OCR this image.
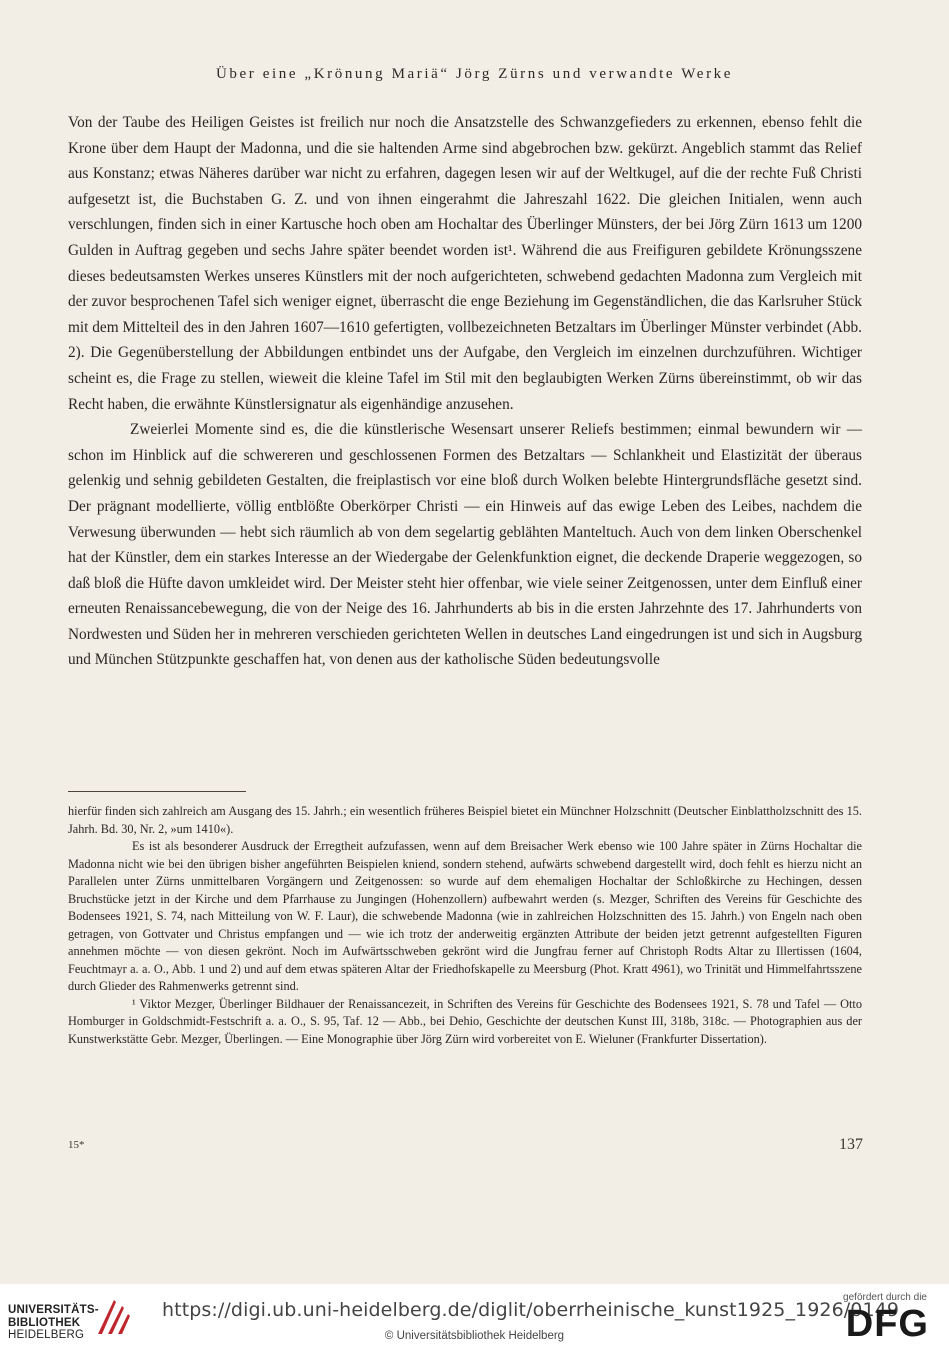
Über eine „Krönung Mariä“ Jörg Zürns und verwandte Werke

Von der Taube des Heiligen Geistes ist freilich nur noch die Ansatzstelle des Schwanzgefieders zu erkennen, ebenso fehlt die Krone über dem Haupt der Madonna, und die sie haltenden Arme sind abgebrochen bzw. gekürzt. Angeblich stammt das Relief aus Konstanz; etwas Näheres darüber war nicht zu erfahren, dagegen lesen wir auf der Weltkugel, auf die der rechte Fuß Christi aufgesetzt ist, die Buchstaben G. Z. und von ihnen eingerahmt die Jahreszahl 1622. Die gleichen Initialen, wenn auch verschlungen, finden sich in einer Kartusche hoch oben am Hochaltar des Überlinger Münsters, der bei Jörg Zürn 1613 um 1200 Gulden in Auftrag gegeben und sechs Jahre später beendet worden ist¹. Während die aus Freifiguren gebildete Krönungsszene dieses bedeutsamsten Werkes unseres Künstlers mit der noch aufgerichteten, schwebend gedachten Madonna zum Vergleich mit der zuvor besprochenen Tafel sich weniger eignet, überrascht die enge Beziehung im Gegenständlichen, die das Karlsruher Stück mit dem Mittelteil des in den Jahren 1607—1610 gefertigten, vollbezeichneten Betzaltars im Überlinger Münster verbindet (Abb. 2). Die Gegenüberstellung der Abbildungen entbindet uns der Aufgabe, den Vergleich im einzelnen durchzuführen. Wichtiger scheint es, die Frage zu stellen, wieweit die kleine Tafel im Stil mit den beglaubigten Werken Zürns übereinstimmt, ob wir das Recht haben, die erwähnte Künstlersignatur als eigenhändige anzusehen.

Zweierlei Momente sind es, die die künstlerische Wesensart unserer Reliefs bestimmen; einmal bewundern wir — schon im Hinblick auf die schwereren und geschlossenen Formen des Betzaltars — Schlankheit und Elastizität der überaus gelenkig und sehnig gebildeten Gestalten, die freiplastisch vor eine bloß durch Wolken belebte Hintergrundsfläche gesetzt sind. Der prägnant modellierte, völlig entblößte Oberkörper Christi — ein Hinweis auf das ewige Leben des Leibes, nachdem die Verwesung überwunden — hebt sich räumlich ab von dem segelartig geblähten Manteltuch. Auch von dem linken Oberschenkel hat der Künstler, dem ein starkes Interesse an der Wiedergabe der Gelenkfunktion eignet, die deckende Draperie weggezogen, so daß bloß die Hüfte davon umkleidet wird. Der Meister steht hier offenbar, wie viele seiner Zeitgenossen, unter dem Einfluß einer erneuten Renaissancebewegung, die von der Neige des 16. Jahrhunderts ab bis in die ersten Jahrzehnte des 17. Jahrhunderts von Nordwesten und Süden her in mehreren verschieden gerichteten Wellen in deutsches Land eingedrungen ist und sich in Augsburg und München Stützpunkte geschaffen hat, von denen aus der katholische Süden bedeutungsvolle

hierfür finden sich zahlreich am Ausgang des 15. Jahrh.; ein wesentlich früheres Beispiel bietet ein Münchner Holzschnitt (Deutscher Einblattholzschnitt des 15. Jahrh. Bd. 30, Nr. 2, »um 1410«).

Es ist als besonderer Ausdruck der Erregtheit aufzufassen, wenn auf dem Breisacher Werk ebenso wie 100 Jahre später in Zürns Hochaltar die Madonna nicht wie bei den übrigen bisher angeführten Beispielen kniend, sondern stehend, aufwärts schwebend dargestellt wird, doch fehlt es hierzu nicht an Parallelen unter Zürns unmittelbaren Vorgängern und Zeitgenossen: so wurde auf dem ehemaligen Hochaltar der Schloßkirche zu Hechingen, dessen Bruchstücke jetzt in der Kirche und dem Pfarrhause zu Jungingen (Hohenzollern) aufbewahrt werden (s. Mezger, Schriften des Vereins für Geschichte des Bodensees 1921, S. 74, nach Mitteilung von W. F. Laur), die schwebende Madonna (wie in zahlreichen Holzschnitten des 15. Jahrh.) von Engeln nach oben getragen, von Gottvater und Christus empfangen und — wie ich trotz der anderweitig ergänzten Attribute der beiden jetzt getrennt aufgestellten Figuren annehmen möchte — von diesen gekrönt. Noch im Aufwärtsschweben gekrönt wird die Jungfrau ferner auf Christoph Rodts Altar zu Illertissen (1604, Feuchtmayr a. a. O., Abb. 1 und 2) und auf dem etwas späteren Altar der Friedhofskapelle zu Meersburg (Phot. Kratt 4961), wo Trinität und Himmelfahrtsszene durch Glieder des Rahmenwerks getrennt sind.

¹ Viktor Mezger, Überlinger Bildhauer der Renaissancezeit, in Schriften des Vereins für Geschichte des Bodensees 1921, S. 78 und Tafel — Otto Homburger in Goldschmidt-Festschrift a. a. O., S. 95, Taf. 12 — Abb., bei Dehio, Geschichte der deutschen Kunst III, 318b, 318c. — Photographien aus der Kunstwerkstätte Gebr. Mezger, Überlingen. — Eine Monographie über Jörg Zürn wird vorbereitet von E. Wieluner (Frankfurter Dissertation).

15*	137
UNIVERSITÄTS-
BIBLIOTHEK
HEIDELBERG
https://digi.ub.uni-heidelberg.de/diglit/oberrheinische_kunst1925_1926/0149
© Universitätsbibliothek Heidelberg
gefördert durch die
DFG
